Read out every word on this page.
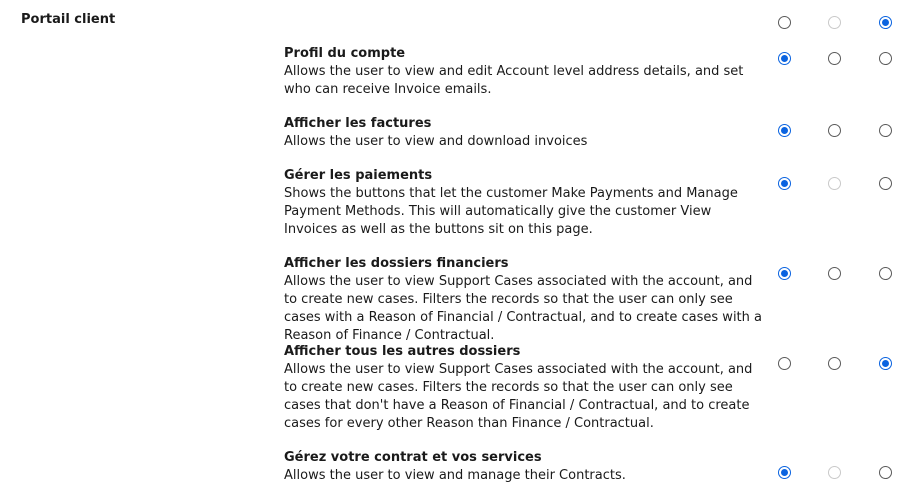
Portail client
Profil du compte
Allows the user to view and edit Account level address details, and set who can receive Invoice emails.
Afficher les factures
Allows the user to view and download invoices
Gérer les paiements
Shows the buttons that let the customer Make Payments and Manage Payment Methods. This will automatically give the customer View Invoices as well as the buttons sit on this page.
Afficher les dossiers financiers
Allows the user to view Support Cases associated with the account, and to create new cases. Filters the records so that the user can only see cases with a Reason of Financial / Contractual, and to create cases with a Reason of Finance / Contractual.
Afficher tous les autres dossiers
Allows the user to view Support Cases associated with the account, and to create new cases. Filters the records so that the user can only see cases that don't have a Reason of Financial / Contractual, and to create cases for every other Reason than Finance / Contractual.
Gérez votre contrat et vos services
Allows the user to view and manage their Contracts.
